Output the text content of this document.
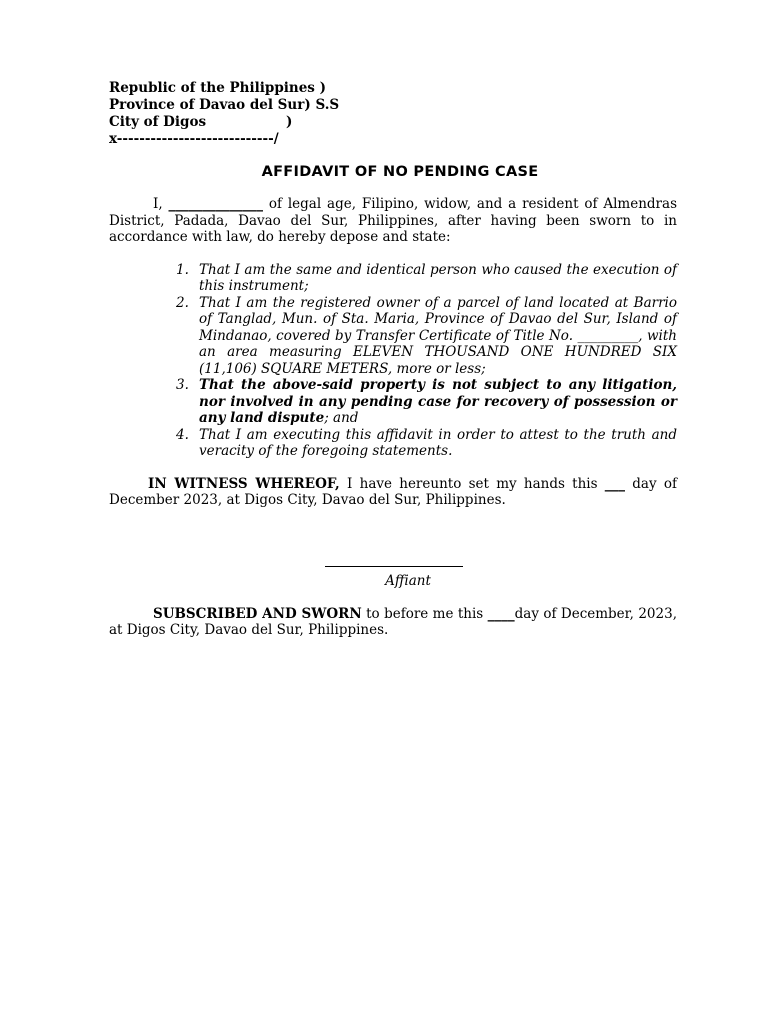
Republic of the Philippines )
Province of Davao del Sur) S.S
City of Digos                 )
x----------------------------/
AFFIDAVIT OF NO PENDING CASE

I, ______________ of legal age, Filipino, widow, and a resident of Almendras District, Padada, Davao del Sur, Philippines, after having been sworn to in accordance with law, do hereby depose and state:

1. That I am the same and identical person who caused the execution of this instrument;
2. That I am the registered owner of a parcel of land located at Barrio of Tanglad, Mun. of Sta. Maria, Province of Davao del Sur, Island of Mindanao, covered by Transfer Certificate of Title No. _________, with an area measuring ELEVEN THOUSAND ONE HUNDRED SIX (11,106) SQUARE METERS, more or less;
3. That the above-said property is not subject to any litigation, nor involved in any pending case for recovery of possession or any land dispute; and
4. That I am executing this affidavit in order to attest to the truth and veracity of the foregoing statements.

IN WITNESS WHEREOF, I have hereunto set my hands this ___ day of December 2023, at Digos City, Davao del Sur, Philippines.

Affiant

SUBSCRIBED AND SWORN to before me this ____day of December, 2023, at Digos City, Davao del Sur, Philippines.
